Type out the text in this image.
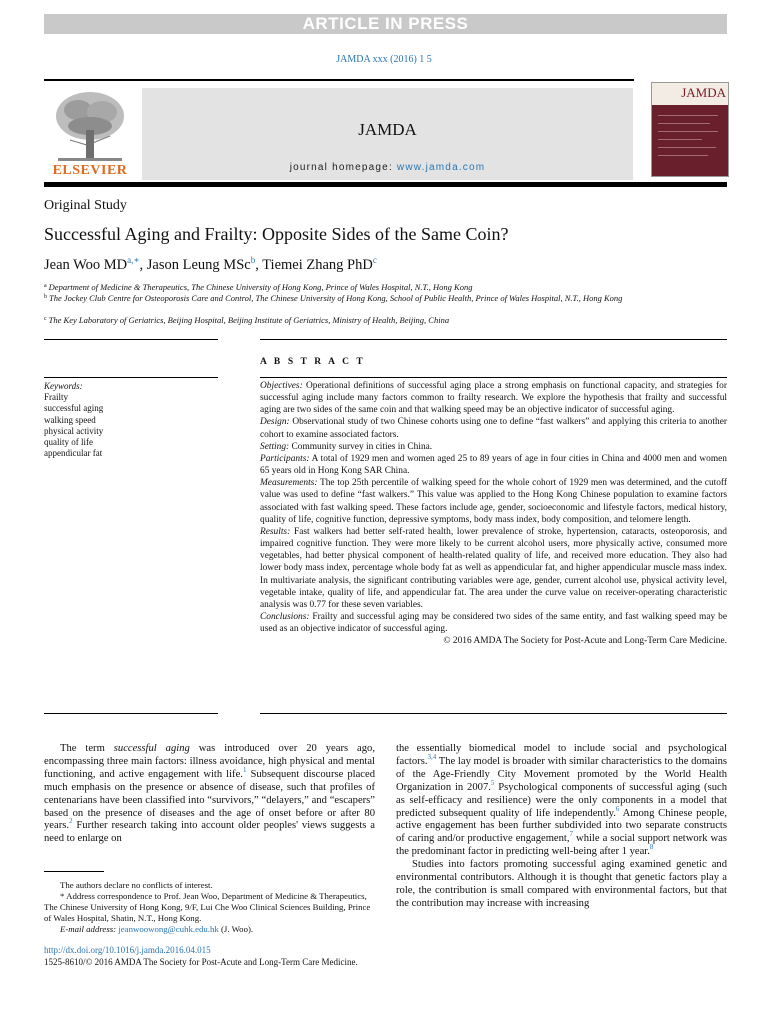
ARTICLE IN PRESS
JAMDA xxx (2016) 1 5
ELSEVIER
JAMDA
journal homepage: www.jamda.com
JAMDA
Original Study
Successful Aging and Frailty: Opposite Sides of the Same Coin?
Jean Woo $MD^{a,∗}$, Jason Leung MSc$^b$, Tiemei Zhang PhD$^c$
$^a$ Department of Medicine & Therapeutics, The Chinese University of Hong Kong, Prince of Wales Hospital, N.T., Hong Kong
$^b$ The Jockey Club Centre for Osteoporosis Care and Control, The Chinese University of Hong Kong, School of Public Health, Prince of Wales Hospital, N.T., Hong Kong
$^c$ The Key Laboratory of Geriatrics, Beijing Hospital, Beijing Institute of Geriatrics, Ministry of Health, Beijing, China
A B S T R A C T
Keywords:
Frailty
successful aging
walking speed
physical activity
quality of life
appendicular fat

Objectives: Operational definitions of successful aging place a strong emphasis on functional capacity, and strategies for successful aging include many factors common to frailty research. We explore the hypothesis that frailty and successful aging are two sides of the same coin and that walking speed may be an objective indicator of successful aging.

Design: Observational study of two Chinese cohorts using one to define “fast walkers” and applying this criteria to another cohort to examine associated factors.

Setting: Community survey in cities in China.

Participants: A total of 1929 men and women aged 25 to 89 years of age in four cities in China and 4000 men and women 65 years old in Hong Kong SAR China.

Measurements: The top 25th percentile of walking speed for the whole cohort of 1929 men was determined, and the cutoff value was used to define “fast walkers.” This value was applied to the Hong Kong Chinese population to examine factors associated with fast walking speed. These factors include age, gender, socioeconomic and lifestyle factors, medical history, quality of life, cognitive function, depressive symptoms, body mass index, body composition, and telomere length.

Results: Fast walkers had better self-rated health, lower prevalence of stroke, hypertension, cataracts, osteoporosis, and impaired cognitive function. They were more likely to be current alcohol users, more physically active, consumed more vegetables, had better physical component of health-related quality of life, and received more education. They also had lower body mass index, percentage whole body fat as well as appendicular fat, and higher appendicular muscle mass index. In multivariate analysis, the significant contributing variables were age, gender, current alcohol use, physical activity level, vegetable intake, quality of life, and appendicular fat. The area under the curve value on receiver-operating characteristic analysis was 0.77 for these seven variables.

Conclusions: Frailty and successful aging may be considered two sides of the same entity, and fast walking speed may be used as an objective indicator of successful aging.

© 2016 AMDA The Society for Post-Acute and Long-Term Care Medicine.

The term successful aging was introduced over 20 years ago, encompassing three main factors: illness avoidance, high physical and mental functioning, and active engagement with life.$^1$ Subsequent discourse placed much emphasis on the presence or absence of disease, such that profiles of centenarians have been classified into “survivors,” “delayers,” and “escapers” based on the presence of diseases and the age of onset before or after 80 years.$^2$ Further research taking into account older peoples' views suggests a need to enlarge on

the essentially biomedical model to include social and psychological factors.$^{3,4}$ The lay model is broader with similar characteristics to the domains of the Age-Friendly City Movement promoted by the World Health Organization in 2007.$^5$ Psychological components of successful aging (such as self-efficacy and resilience) were the only components in a model that predicted subsequent quality of life independently.$^6$ Among Chinese people, active engagement has been further subdivided into two separate constructs of caring and/or productive engagement,$^7$ while a social support network was the predominant factor in predicting well-being after 1 year.$^8$

Studies into factors promoting successful aging examined genetic and environmental contributors. Although it is thought that genetic factors play a role, the contribution is small compared with environmental factors, but that the contribution may increase with increasing

The authors declare no conflicts of interest.

* Address correspondence to Prof. Jean Woo, Department of Medicine & Therapeutics, The Chinese University of Hong Kong, 9/F, Lui Che Woo Clinical Sciences Building, Prince of Wales Hospital, Shatin, N.T., Hong Kong.

E-mail address: jeanwoowong@cuhk.edu.hk (J. Woo).

http://dx.doi.org/10.1016/j.jamda.2016.04.015
1525-8610/© 2016 AMDA The Society for Post-Acute and Long-Term Care Medicine.
